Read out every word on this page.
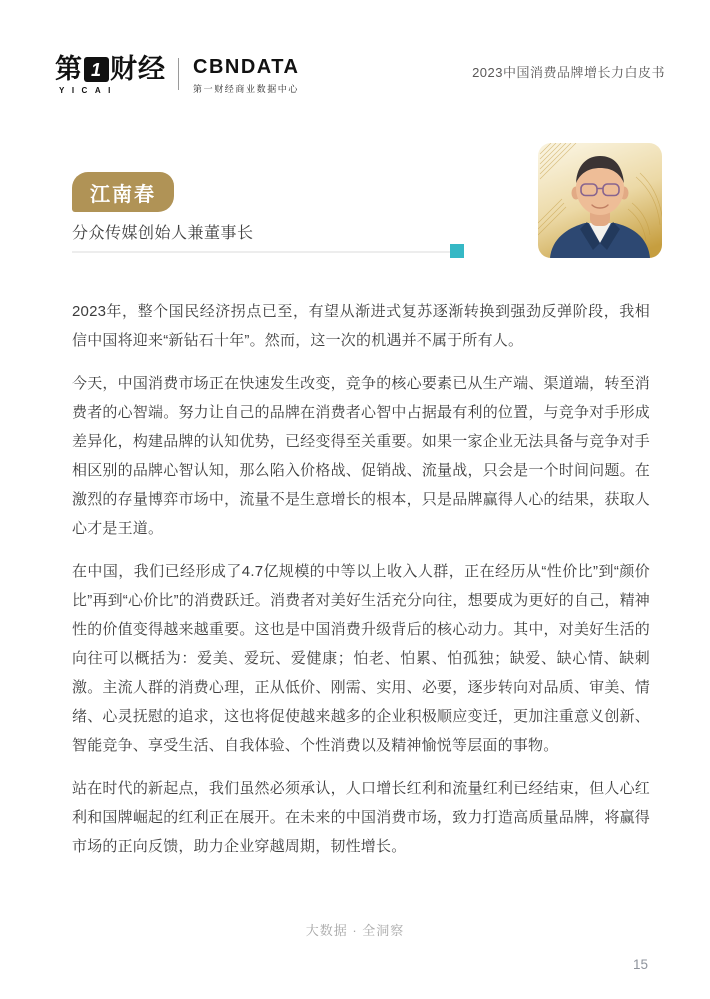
第 1 财经
YICAI
CBNDATA
第一财经商业数据中心
2023中国消费品牌增长力白皮书
江南春
分众传媒创始人兼董事长

2023年，整个国民经济拐点已至，有望从渐进式复苏逐渐转换到强劲反弹阶段，我相信中国将迎来“新钻石十年”。然而，这一次的机遇并不属于所有人。

今天，中国消费市场正在快速发生改变，竞争的核心要素已从生产端、渠道端，转至消费者的心智端。努力让自己的品牌在消费者心智中占据最有利的位置，与竞争对手形成差异化，构建品牌的认知优势，已经变得至关重要。如果一家企业无法具备与竞争对手相区别的品牌心智认知，那么陷入价格战、促销战、流量战，只会是一个时间问题。在激烈的存量博弈市场中，流量不是生意增长的根本，只是品牌赢得人心的结果，获取人心才是王道。

在中国，我们已经形成了4.7亿规模的中等以上收入人群，正在经历从“性价比”到“颜价比”再到“心价比”的消费跃迁。消费者对美好生活充分向往，想要成为更好的自己，精神性的价值变得越来越重要。这也是中国消费升级背后的核心动力。其中，对美好生活的向往可以概括为：爱美、爱玩、爱健康；怕老、怕累、怕孤独；缺爱、缺心情、缺刺激。主流人群的消费心理，正从低价、刚需、实用、必要，逐步转向对品质、审美、情绪、心灵抚慰的追求，这也将促使越来越多的企业积极顺应变迁，更加注重意义创新、智能竞争、享受生活、自我体验、个性消费以及精神愉悦等层面的事物。

站在时代的新起点，我们虽然必须承认，人口增长红利和流量红利已经结束，但人心红利和国牌崛起的红利正在展开。在未来的中国消费市场，致力打造高质量品牌，将赢得市场的正向反馈，助力企业穿越周期，韧性增长。

大数据 · 全洞察
15
